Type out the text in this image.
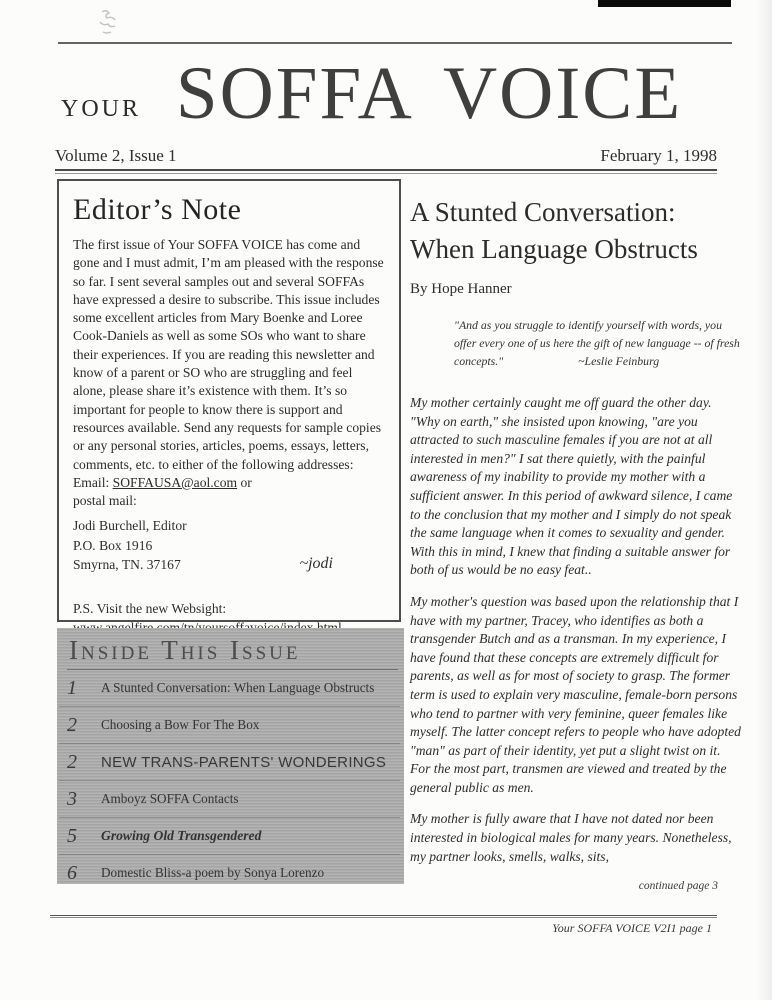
YOUR SOFFA VOICE
Volume 2, Issue 1	February 1, 1998
Editor’s Note

The first issue of Your SOFFA VOICE has come and gone and I must admit, I’m am pleased with the response so far. I sent several samples out and several SOFFAs have expressed a desire to subscribe. This issue includes some excellent articles from Mary Boenke and Loree Cook-Daniels as well as some SOs who want to share their experiences. If you are reading this newsletter and know of a parent or SO who are struggling and feel alone, please share it’s existence with them. It’s so important for people to know there is support and resources available. Send any requests for sample copies or any personal stories, articles, poems, essays, letters, comments, etc. to either of the following addresses: Email: SOFFAUSA@aol.com or

postal mail:

Jodi Burchell, Editor

P.O. Box 1916

Smyrna, TN. 37167	~jodi

P.S. Visit the new Websight:

Inside This Issue
1	A Stunted Conversation: When Language Obstructs
2	Choosing a Bow For The Box
2	NEW TRANS-PARENTS' WONDERINGS
3	Amboyz SOFFA Contacts
5	Growing Old Transgendered
6	Domestic Bliss-a poem by Sonya Lorenzo
A Stunted Conversation:
When Language Obstructs

By Hope Hanner

"And as you struggle to identify yourself with words, you offer every one of us here the gift of new language -- of fresh concepts."	~Leslie Feinburg

My mother certainly caught me off guard the other day. "Why on earth," she insisted upon knowing, "are you attracted to such masculine females if you are not at all interested in men?" I sat there quietly, with the painful awareness of my inability to provide my mother with a sufficient answer. In this period of awkward silence, I came to the conclusion that my mother and I simply do not speak the same language when it comes to sexuality and gender. With this in mind, I knew that finding a suitable answer for both of us would be no easy feat..

My mother's question was based upon the relationship that I have with my partner, Tracey, who identifies as both a transgender Butch and as a transman. In my experience, I have found that these concepts are extremely difficult for parents, as well as for most of society to grasp. The former term is used to explain very masculine, female-born persons who tend to partner with very feminine, queer females like myself. The latter concept refers to people who have adopted "man" as part of their identity, yet put a slight twist on it. For the most part, transmen are viewed and treated by the general public as men.

My mother is fully aware that I have not dated nor been interested in biological males for many years. Nonetheless, my partner looks, smells, walks, sits,

continued page 3
Your SOFFA VOICE V2I1 page 1
